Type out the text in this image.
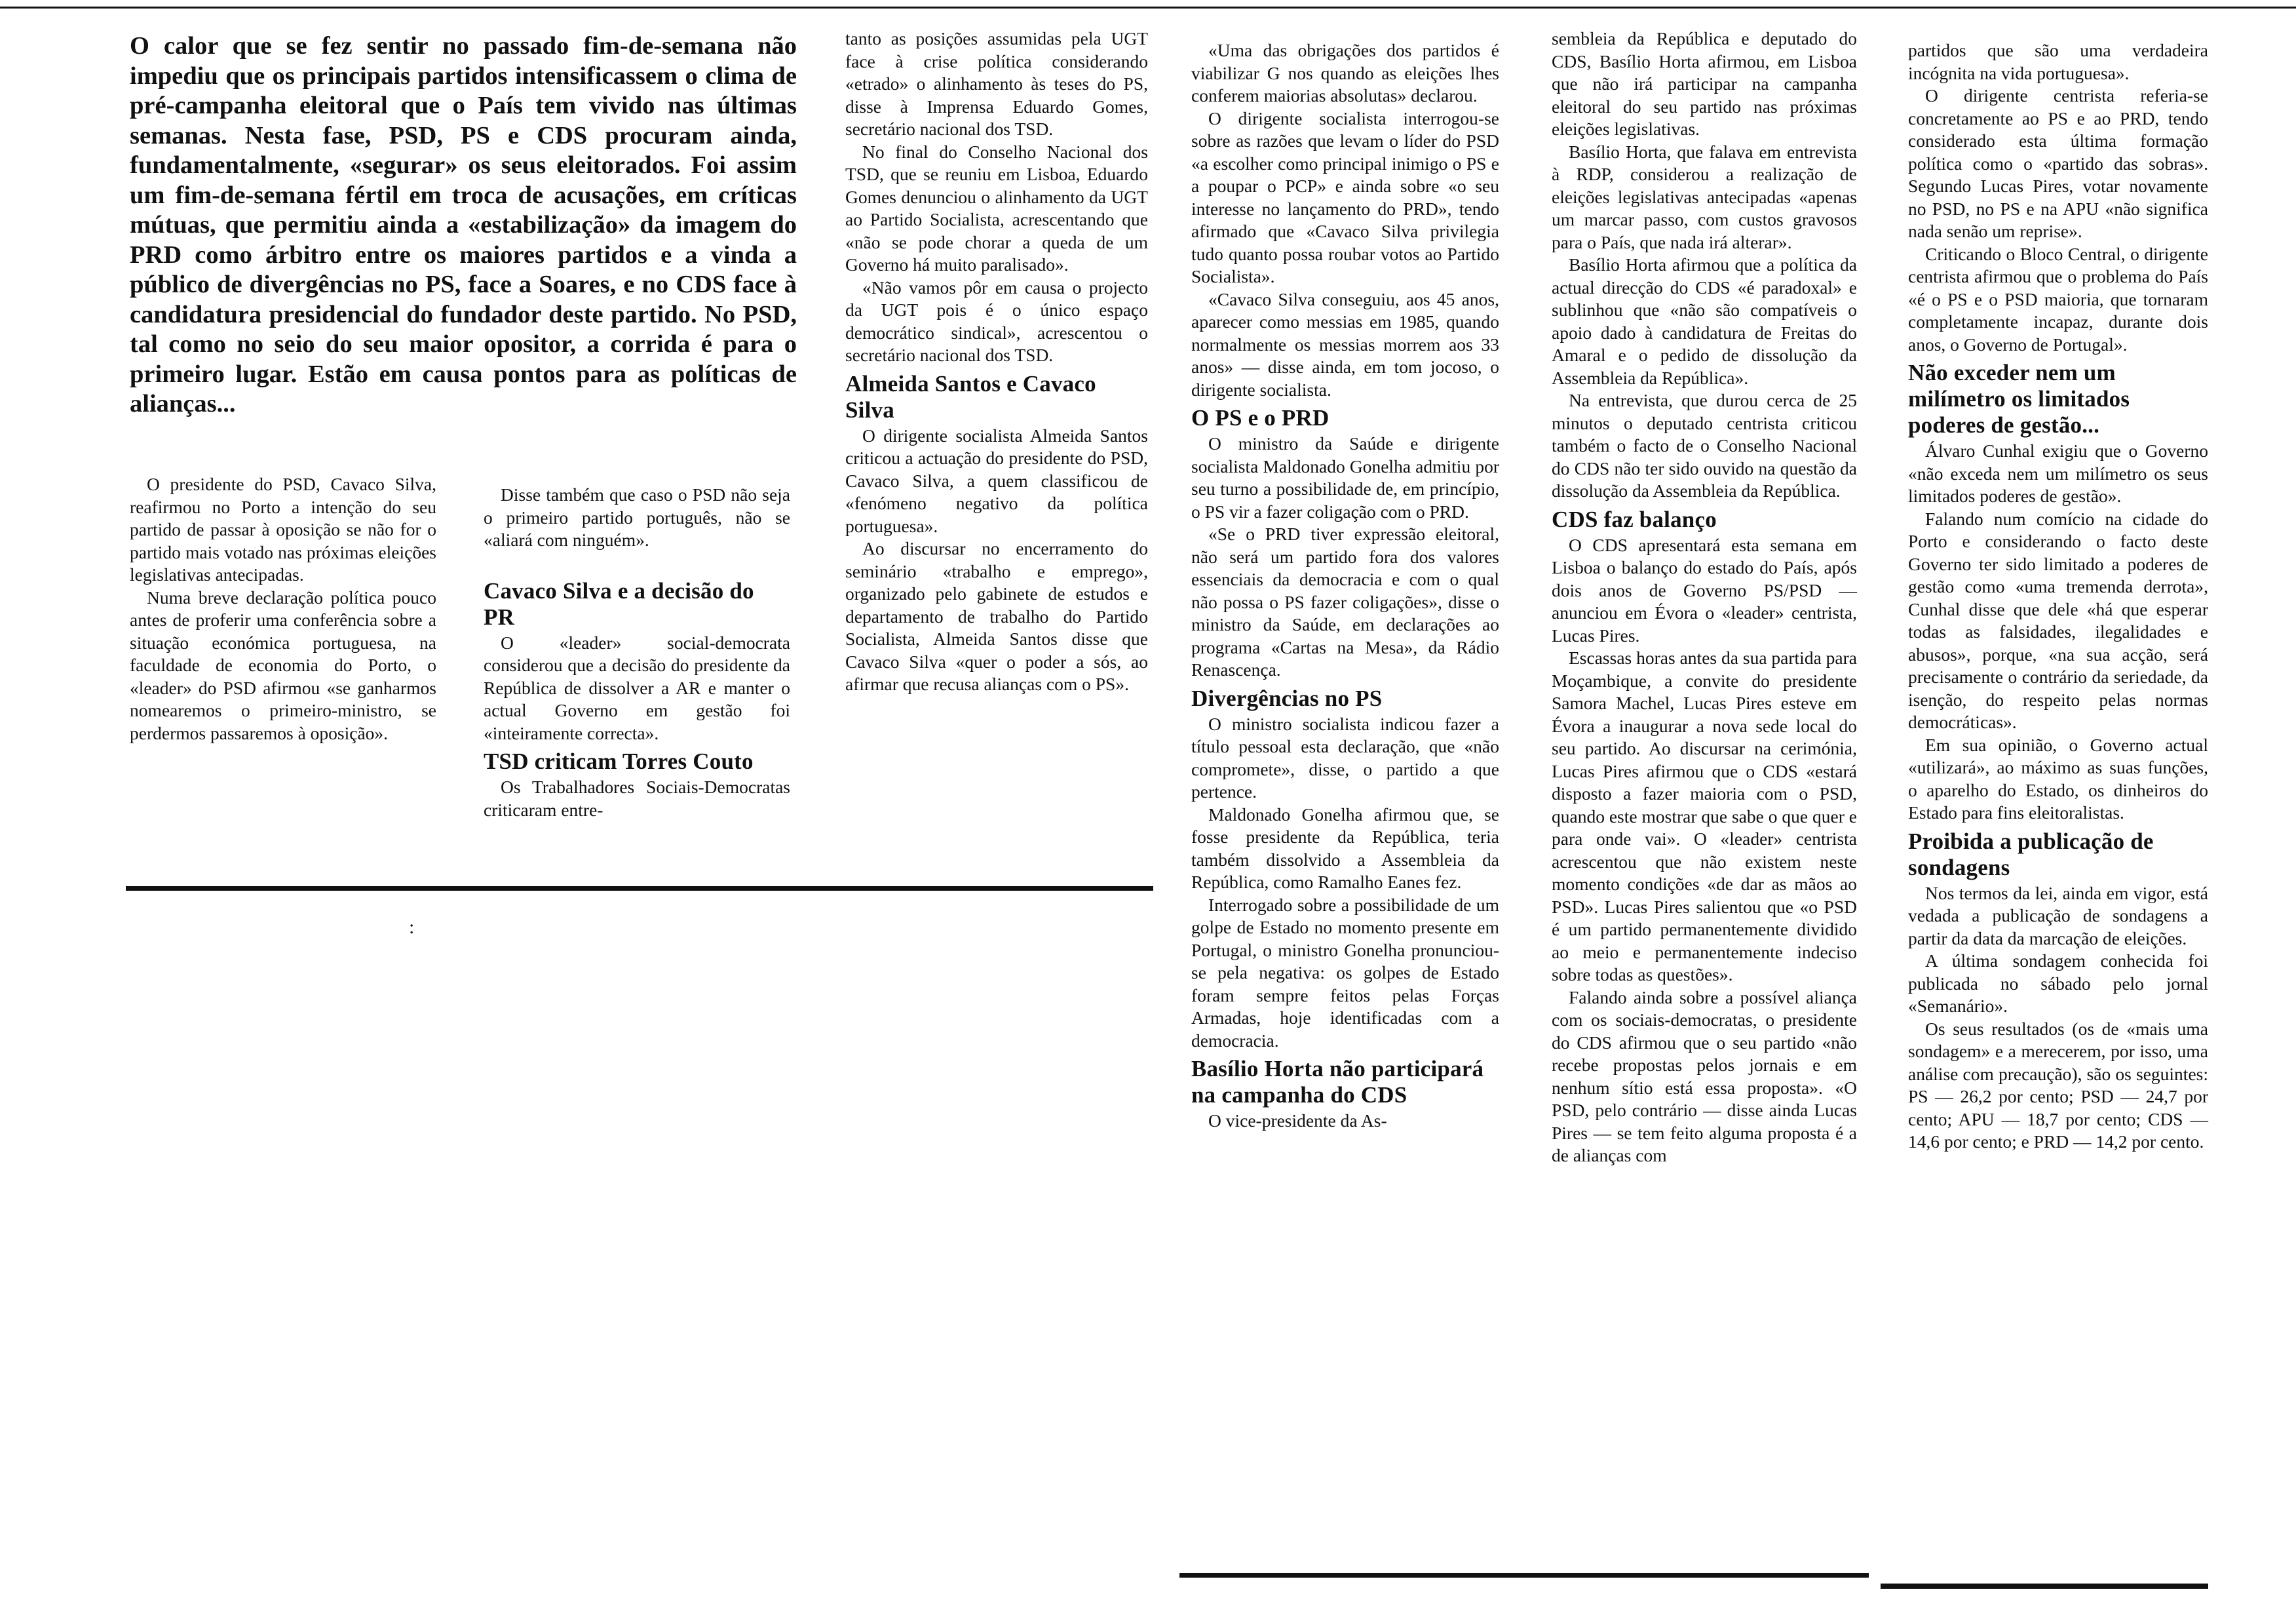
O calor que se fez sentir no passado fim-de-semana não impediu que os principais partidos intensificassem o clima de pré-campanha eleitoral que o País tem vivido nas últimas semanas. Nesta fase, PSD, PS e CDS procuram ainda, fundamentalmente, «segurar» os seus eleitorados. Foi assim um fim-de-semana fértil em troca de acusações, em críticas mútuas, que permitiu ainda a «estabilização» da imagem do PRD como árbitro entre os maiores partidos e a vinda a público de divergências no PS, face a Soares, e no CDS face à candidatura presidencial do fundador deste partido. No PSD, tal como no seio do seu maior opositor, a corrida é para o primeiro lugar. Estão em causa pontos para as políticas de alianças...

O presidente do PSD, Cavaco Silva, reafirmou no Porto a intenção do seu partido de passar à oposição se não for o partido mais votado nas próximas eleições legislativas antecipadas.

Numa breve declaração política pouco antes de proferir uma conferência sobre a situação económica portuguesa, na faculdade de economia do Porto, o «leader» do PSD afirmou «se ganharmos nomearemos o primeiro-ministro, se perdermos passaremos à oposição».

Disse também que caso o PSD não seja o primeiro partido português, não se «aliará com ninguém».

Cavaco Silva e a decisão do PR

O «leader» social-democrata considerou que a decisão do presidente da República de dissolver a AR e manter o actual Governo em gestão foi «inteiramente correcta».

TSD criticam Torres Couto

Os Trabalhadores Sociais-Democratas criticaram entre-

:

tanto as posições assumidas pela UGT face à crise política considerando «etrado» o alinhamento às teses do PS, disse à Imprensa Eduardo Gomes, secretário nacional dos TSD.

No final do Conselho Nacional dos TSD, que se reuniu em Lisboa, Eduardo Gomes denunciou o alinhamento da UGT ao Partido Socialista, acrescentando que «não se pode chorar a queda de um Governo há muito paralisado».

«Não vamos pôr em causa o projecto da UGT pois é o único espaço democrático sindical», acrescentou o secretário nacional dos TSD.

Almeida Santos e Cavaco Silva

O dirigente socialista Almeida Santos criticou a actuação do presidente do PSD, Cavaco Silva, a quem classificou de «fenómeno negativo da política portuguesa».

Ao discursar no encerramento do seminário «trabalho e emprego», organizado pelo gabinete de estudos e departamento de trabalho do Partido Socialista, Almeida Santos disse que Cavaco Silva «quer o poder a sós, ao afirmar que recusa alianças com o PS».

«Uma das obrigações dos partidos é viabilizar G nos quando as eleições lhes conferem maiorias absolutas» declarou.

O dirigente socialista interrogou-se sobre as razões que levam o líder do PSD «a escolher como principal inimigo o PS e a poupar o PCP» e ainda sobre «o seu interesse no lançamento do PRD», tendo afirmado que «Cavaco Silva privilegia tudo quanto possa roubar votos ao Partido Socialista».

«Cavaco Silva conseguiu, aos 45 anos, aparecer como messias em 1985, quando normalmente os messias morrem aos 33 anos» — disse ainda, em tom jocoso, o dirigente socialista.

O PS e o PRD

O ministro da Saúde e dirigente socialista Maldonado Gonelha admitiu por seu turno a possibilidade de, em princípio, o PS vir a fazer coligação com o PRD.

«Se o PRD tiver expressão eleitoral, não será um partido fora dos valores essenciais da democracia e com o qual não possa o PS fazer coligações», disse o ministro da Saúde, em declarações ao programa «Cartas na Mesa», da Rádio Renascença.

Divergências no PS

O ministro socialista indicou fazer a título pessoal esta declaração, que «não compromete», disse, o partido a que pertence.

Maldonado Gonelha afirmou que, se fosse presidente da República, teria também dissolvido a Assembleia da República, como Ramalho Eanes fez.

Interrogado sobre a possibilidade de um golpe de Estado no momento presente em Portugal, o ministro Gonelha pronunciou-se pela negativa: os golpes de Estado foram sempre feitos pelas Forças Armadas, hoje identificadas com a democracia.

Basílio Horta não participará na campanha do CDS

O vice-presidente da As-

sembleia da República e deputado do CDS, Basílio Horta afirmou, em Lisboa que não irá participar na campanha eleitoral do seu partido nas próximas eleições legislativas.

Basílio Horta, que falava em entrevista à RDP, considerou a realização de eleições legislativas antecipadas «apenas um marcar passo, com custos gravosos para o País, que nada irá alterar».

Basílio Horta afirmou que a política da actual direcção do CDS «é paradoxal» e sublinhou que «não são compatíveis o apoio dado à candidatura de Freitas do Amaral e o pedido de dissolução da Assembleia da República».

Na entrevista, que durou cerca de 25 minutos o deputado centrista criticou também o facto de o Conselho Nacional do CDS não ter sido ouvido na questão da dissolução da Assembleia da República.

CDS faz balanço

O CDS apresentará esta semana em Lisboa o balanço do estado do País, após dois anos de Governo PS/PSD — anunciou em Évora o «leader» centrista, Lucas Pires.

Escassas horas antes da sua partida para Moçambique, a convite do presidente Samora Machel, Lucas Pires esteve em Évora a inaugurar a nova sede local do seu partido. Ao discursar na cerimónia, Lucas Pires afirmou que o CDS «estará disposto a fazer maioria com o PSD, quando este mostrar que sabe o que quer e para onde vai». O «leader» centrista acrescentou que não existem neste momento condições «de dar as mãos ao PSD». Lucas Pires salientou que «o PSD é um partido permanentemente dividido ao meio e permanentemente indeciso sobre todas as questões».

Falando ainda sobre a possível aliança com os sociais-democratas, o presidente do CDS afirmou que o seu partido «não recebe propostas pelos jornais e em nenhum sítio está essa proposta». «O PSD, pelo contrário — disse ainda Lucas Pires — se tem feito alguma proposta é a de alianças com

partidos que são uma verdadeira incógnita na vida portuguesa».

O dirigente centrista referia-se concretamente ao PS e ao PRD, tendo considerado esta última formação política como o «partido das sobras». Segundo Lucas Pires, votar novamente no PSD, no PS e na APU «não significa nada senão um reprise».

Criticando o Bloco Central, o dirigente centrista afirmou que o problema do País «é o PS e o PSD maioria, que tornaram completamente incapaz, durante dois anos, o Governo de Portugal».

Não exceder nem um milímetro os limitados poderes de gestão...

Álvaro Cunhal exigiu que o Governo «não exceda nem um milímetro os seus limitados poderes de gestão».

Falando num comício na cidade do Porto e considerando o facto deste Governo ter sido limitado a poderes de gestão como «uma tremenda derrota», Cunhal disse que dele «há que esperar todas as falsidades, ilegalidades e abusos», porque, «na sua acção, será precisamente o contrário da seriedade, da isenção, do respeito pelas normas democráticas».

Em sua opinião, o Governo actual «utilizará», ao máximo as suas funções, o aparelho do Estado, os dinheiros do Estado para fins eleitoralistas.

Proibida a publicação de sondagens

Nos termos da lei, ainda em vigor, está vedada a publicação de sondagens a partir da data da marcação de eleições.

A última sondagem conhecida foi publicada no sábado pelo jornal «Semanário».

Os seus resultados (os de «mais uma sondagem» e a merecerem, por isso, uma análise com precaução), são os seguintes: PS — 26,2 por cento; PSD — 24,7 por cento; APU — 18,7 por cento; CDS — 14,6 por cento; e PRD — 14,2 por cento.
